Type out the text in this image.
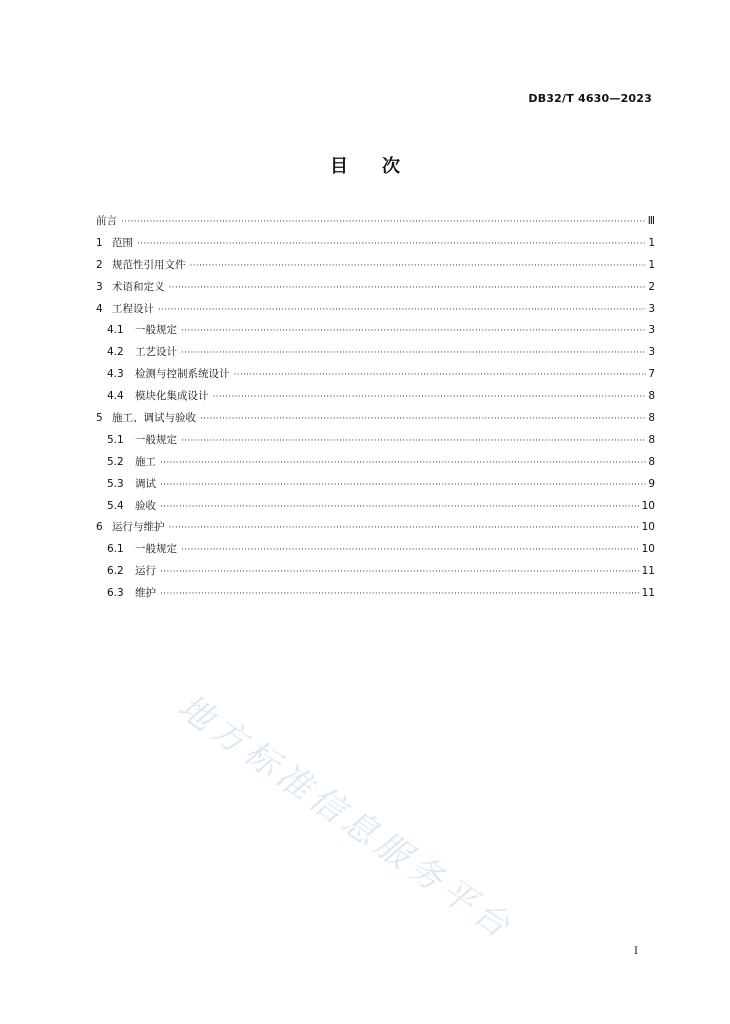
DB32/T 4630—2023
目次
前言 ·····	Ⅲ
1 范围 ·····	1
2 规范性引用文件 ·····	1
3 术语和定义 ·····	2
4 工程设计 ·····	3
4.1	一般规定 ·····	3
4.2	工艺设计 ·····	3
4.3	检测与控制系统设计 ·····	7
4.4	模块化集成设计 ·····	8
5 施工、调试与验收 ·····	8
5.1	一般规定 ·····	8
5.2	施工 ·····	8
5.3	调试 ·····	9
5.4	验收 ·····	10
6 运行与维护 ·····	10
6.1	一般规定 ·····	10
6.2	运行 ·····	11
6.3	维护 ·····	11
地方标准信息服务平台
I
